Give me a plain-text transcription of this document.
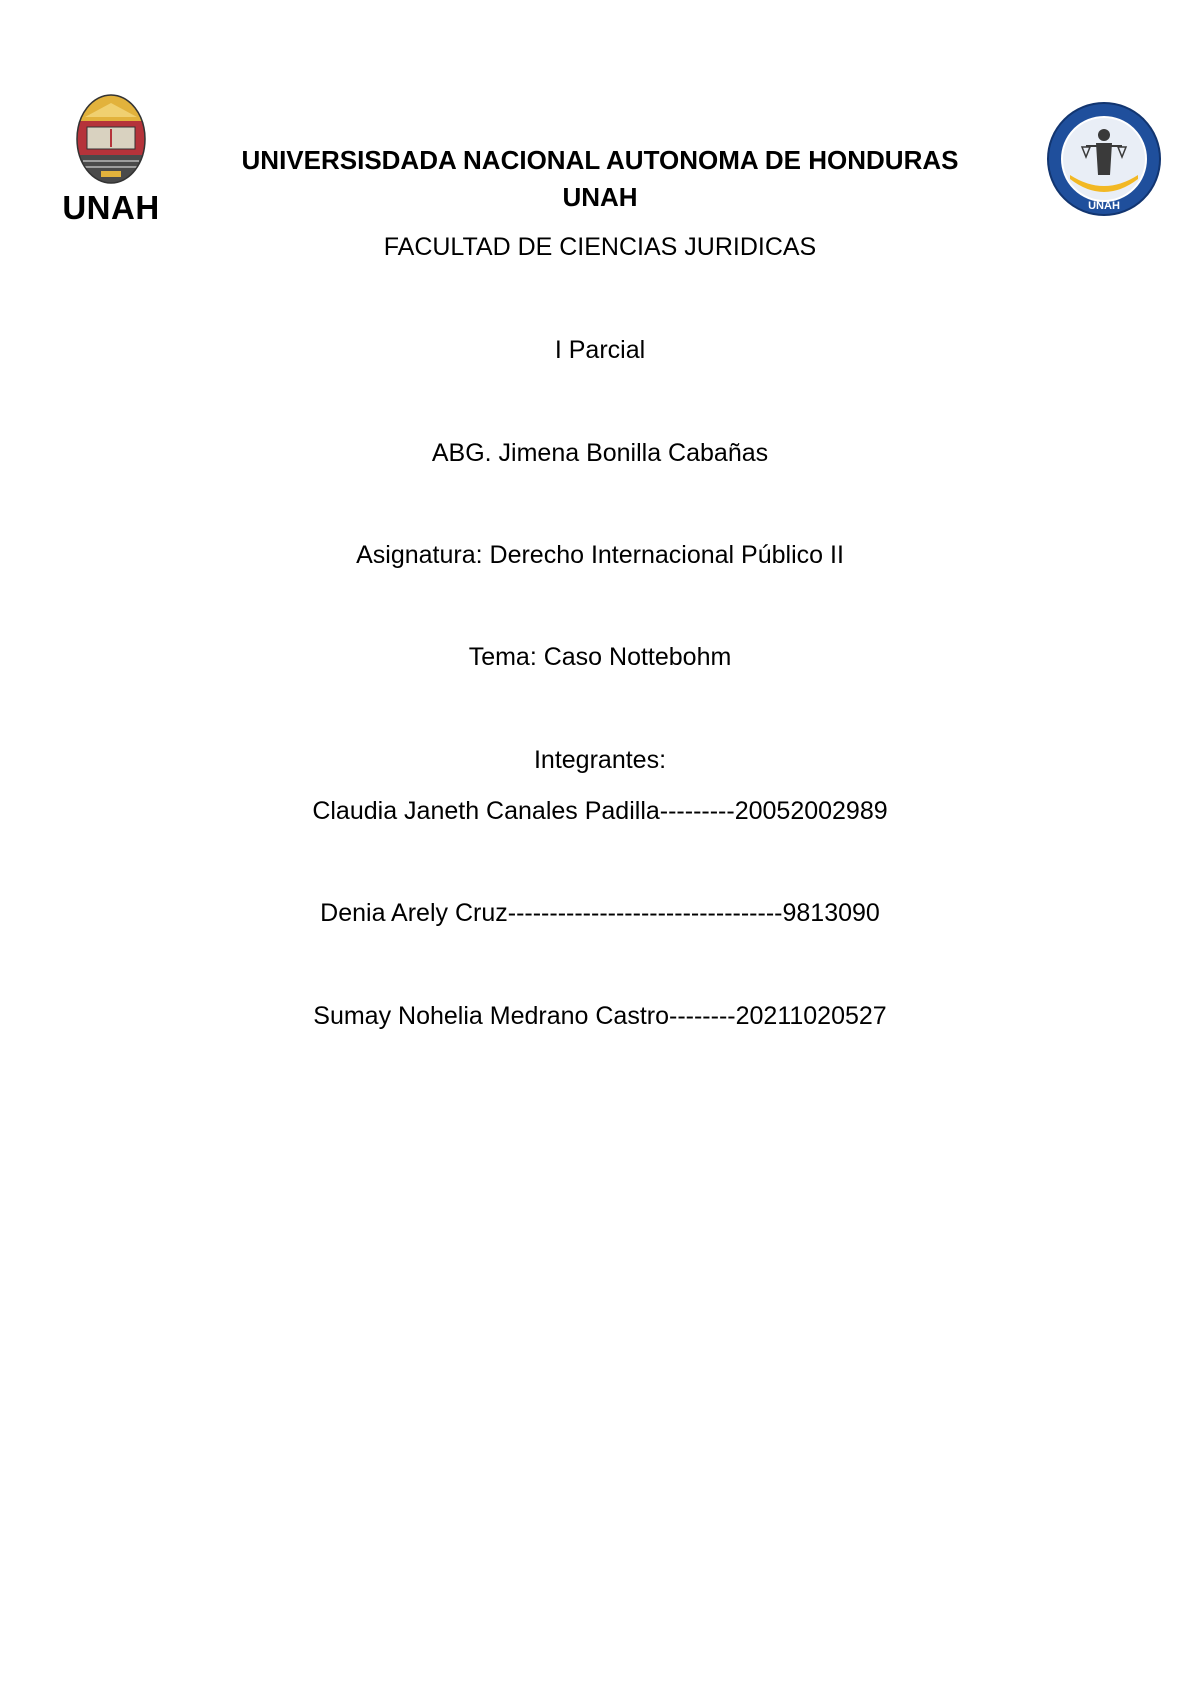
UNAH	UNAH
UNIVERSISDADA NACIONAL AUTONOMA DE HONDURAS
UNAH
FACULTAD DE CIENCIAS JURIDICAS
I Parcial
ABG. Jimena Bonilla Cabañas
Asignatura: Derecho Internacional Público II
Tema: Caso Nottebohm
Integrantes:
Claudia Janeth Canales Padilla---------20052002989
Denia Arely Cruz---------------------------------9813090
Sumay Nohelia Medrano Castro--------20211020527
